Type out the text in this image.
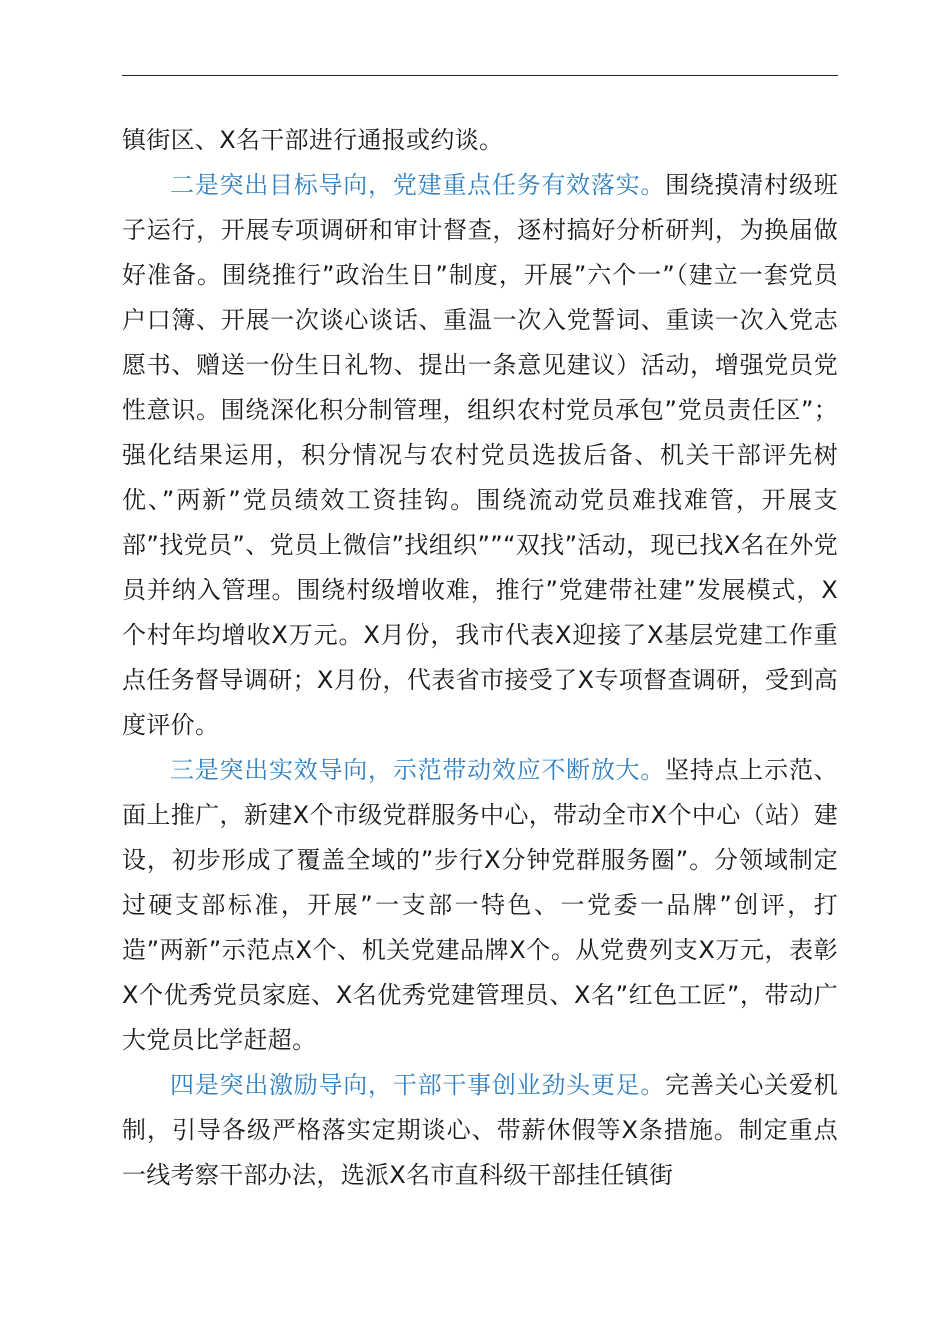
镇街区、X名干部进行通报或约谈。

二是突出目标导向，党建重点任务有效落实。围绕摸清村级班子运行，开展专项调研和审计督查，逐村搞好分析研判，为换届做好准备。围绕推行”政治生日”制度，开展”六个一”（建立一套党员户口簿、开展一次谈心谈话、重温一次入党誓词、重读一次入党志愿书、赠送一份生日礼物、提出一条意见建议）活动，增强党员党性意识。围绕深化积分制管理，组织农村党员承包”党员责任区”；强化结果运用，积分情况与农村党员选拔后备、机关干部评先树优、”两新”党员绩效工资挂钩。围绕流动党员难找难管，开展支部”找党员”、党员上微信”找组织””“双找”活动，现已找X名在外党员并纳入管理。围绕村级增收难，推行”党建带社建”发展模式，X个村年均增收X万元。X月份，我市代表X迎接了X基层党建工作重点任务督导调研；X月份，代表省市接受了X专项督查调研，受到高度评价。

三是突出实效导向，示范带动效应不断放大。坚持点上示范、面上推广，新建X个市级党群服务中心，带动全市X个中心（站）建设，初步形成了覆盖全域的”步行X分钟党群服务圈”。分领域制定过硬支部标准，开展”一支部一特色、一党委一品牌”创评，打造”两新”示范点X个、机关党建品牌X个。从党费列支X万元，表彰X个优秀党员家庭、X名优秀党建管理员、X名”红色工匠”，带动广大党员比学赶超。

四是突出激励导向，干部干事创业劲头更足。完善关心关爱机制，引导各级严格落实定期谈心、带薪休假等X条措施。制定重点一线考察干部办法，选派X名市直科级干部挂任镇街
